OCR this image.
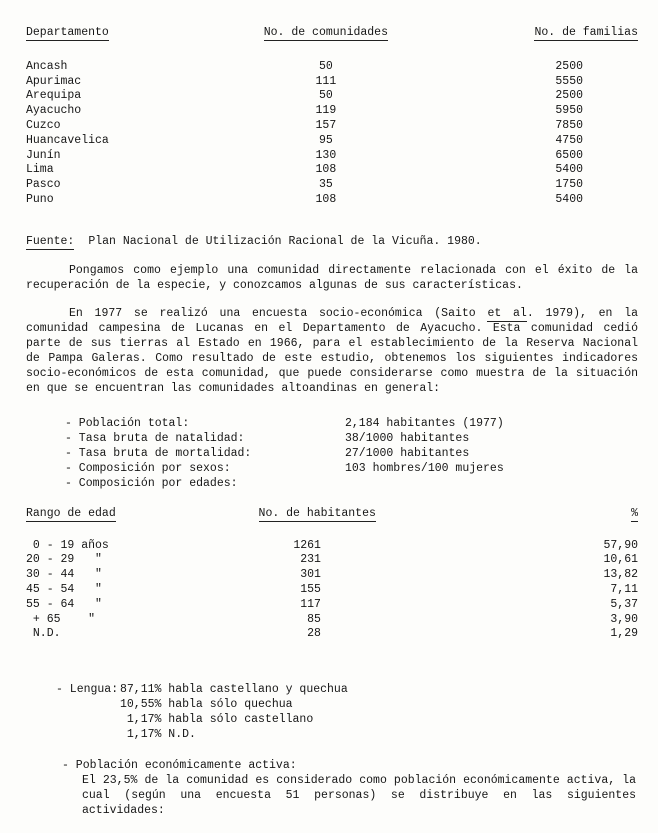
Departamento	No. de comunidades	No. de familias
Ancash	50	2500
Apurimac	111	5550
Arequipa	50	2500
Ayacucho	119	5950
Cuzco	157	7850
Huancavelica	95	4750
Junín	130	6500
Lima	108	5400
Pasco	35	1750
Puno	108	5400
Fuente: Plan Nacional de Utilización Racional de la Vicuña. 1980.

Pongamos como ejemplo una comunidad directamente relacionada con el éxito de la recuperación de la especie, y conozcamos algunas de sus características.

En 1977 se realizó una encuesta socio-económica (Saito et al. 1979), en la comunidad campesina de Lucanas en el Departamento de Ayacucho. Esta comunidad cedió parte de sus tierras al Estado en 1966, para el establecimiento de la Reserva Nacional de Pampa Galeras. Como resultado de este estudio, obtenemos los siguientes indicadores socio-económicos de esta comunidad, que puede considerarse como muestra de la situación en que se encuentran las comunidades altoandinas en general:

- Población total:	2,184 habitantes (1977)
- Tasa bruta de natalidad:	38/1000 habitantes
- Tasa bruta de mortalidad:	27/1000 habitantes
- Composición por sexos:	103 hombres/100 mujeres
- Composición por edades:
Rango de edad	No. de habitantes	%
0 - 19 años	1261	57,90
20 - 29   "	231	10,61
30 - 44   "	301	13,82
45 - 54   "	155	7,11
55 - 64   "	117	5,37
+ 65    "	85	3,90
N.D.	28	1,29
- Lengua: 87,11% habla castellano y quechua
10,55% habla sólo quechua
1,17% habla sólo castellano
1,17% N.D.
- Población económicamente activa:
El 23,5% de la comunidad es considerado como población económicamente activa, la cual (según una encuesta 51 personas) se distribuye en las siguientes actividades:
